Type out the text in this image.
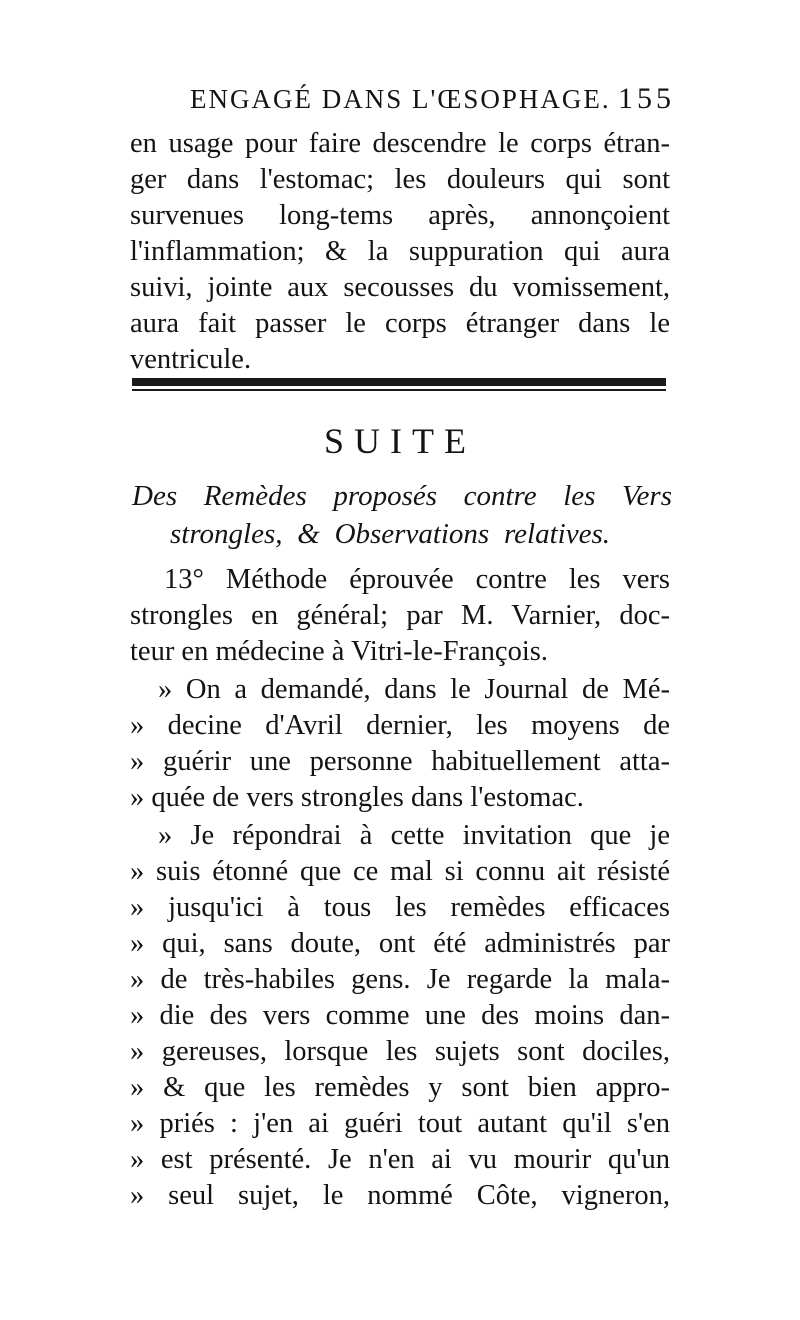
ENGAGÉ DANS L'ŒSOPHAGE. 155
en usage pour faire descendre le corps étran-
ger dans l'estomac; les douleurs qui sont
survenues long-tems après, annonçoient
l'inflammation; & la suppuration qui aura
suivi, jointe aux secousses du vomissement,
aura fait passer le corps étranger dans le
ventricule.
SUITE
Des Remèdes proposés contre les Vers
strongles, & Observations relatives.
13° Méthode éprouvée contre les vers
strongles en général; par M. Varnier, doc-
teur en médecine à Vitri-le-François.
» On a demandé, dans le Journal de Mé-
» decine d'Avril dernier, les moyens de
» guérir une personne habituellement atta-
» quée de vers strongles dans l'estomac.
» Je répondrai à cette invitation que je
» suis étonné que ce mal si connu ait résisté
» jusqu'ici à tous les remèdes efficaces
» qui, sans doute, ont été administrés par
» de très-habiles gens. Je regarde la mala-
» die des vers comme une des moins dan-
» gereuses, lorsque les sujets sont dociles,
» & que les remèdes y sont bien appro-
» priés : j'en ai guéri tout autant qu'il s'en
» est présenté. Je n'en ai vu mourir qu'un
» seul sujet, le nommé Côte, vigneron,
